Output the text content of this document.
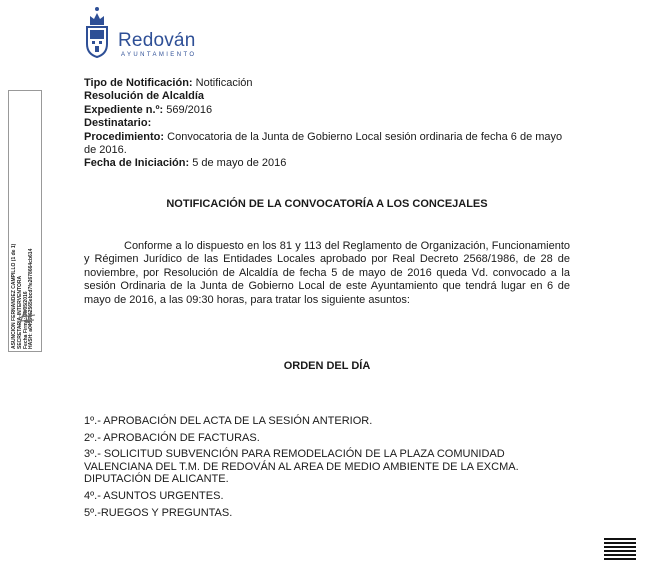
Redován
AYUNTAMIENTO
ASUNCION FERNANDEZ CAMPILLO (1 de 1) SECRETARIA-INTERVENTORA Fecha Firma: 06/05/2016 HASH: a0435762565ebcd7fe2678664cb614
Tipo de Notificación: Notificación
Resolución de Alcaldía
Expediente n.º: 569/2016
Destinatario:
Procedimiento: Convocatoria de la Junta de Gobierno Local sesión ordinaria de fecha 6 de mayo de 2016.
Fecha de Iniciación: 5 de mayo de 2016
NOTIFICACIÓN DE LA CONVOCATORÍA A LOS CONCEJALES
Conforme a lo dispuesto en los 81 y 113 del Reglamento de Organización, Funcionamiento y Régimen Jurídico de las Entidades Locales aprobado por Real Decreto 2568/1986, de 28 de noviembre, por Resolución de Alcaldía de fecha 5 de mayo de 2016 queda Vd. convocado a la sesión Ordinaria de la Junta de Gobierno Local de este Ayuntamiento que tendrá lugar en 6 de mayo de 2016, a las 09:30 horas, para tratar los siguiente asuntos:
ORDEN DEL DÍA
1º.- APROBACIÓN DEL ACTA DE LA SESIÓN ANTERIOR.
2º.- APROBACIÓN DE FACTURAS.
3º.- SOLICITUD SUBVENCIÓN PARA REMODELACIÓN DE LA PLAZA COMUNIDAD VALENCIANA DEL T.M. DE REDOVÁN AL AREA DE MEDIO AMBIENTE DE LA EXCMA. DIPUTACIÓN DE ALICANTE.
4º.- ASUNTOS URGENTES.
5º.-RUEGOS Y PREGUNTAS.
